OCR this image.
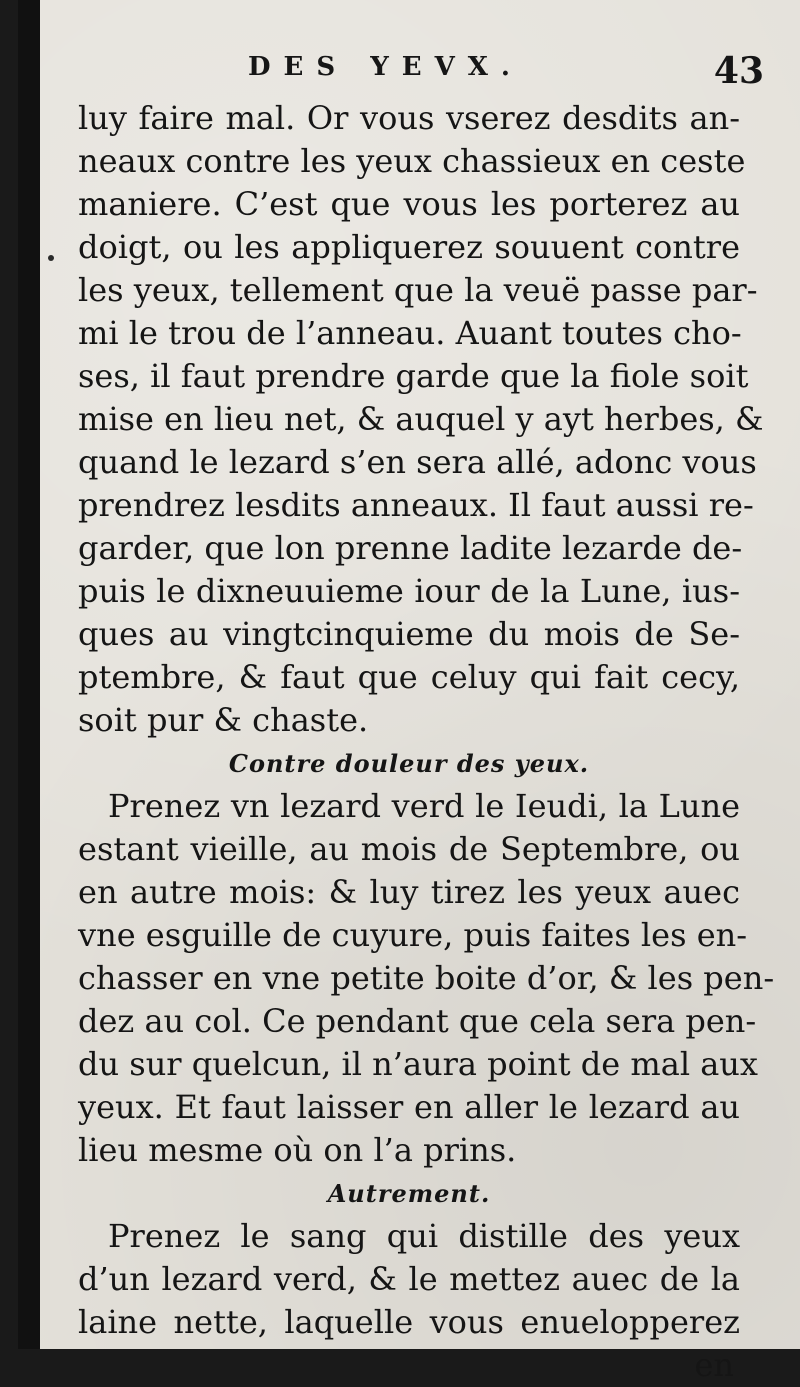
DES YEVX.	43
luy faire mal. Or vous vserez desdits an-
neaux contre les yeux chassieux en ceste
maniere. C’est que vous les porterez au
doigt, ou les appliquerez souuent contre
les yeux, tellement que la veuë passe par-
mi le trou de l’anneau. Auant toutes cho-
ses, il faut prendre garde que la fiole soit
mise en lieu net, & auquel y ayt herbes, &
quand le lezard s’en sera allé, adonc vous
prendrez lesdits anneaux. Il faut aussi re-
garder, que lon prenne ladite lezarde de-
puis le dixneuuieme iour de la Lune, ius-
ques au vingtcinquieme du mois de Se-
ptembre, & faut que celuy qui fait cecy,
soit pur & chaste.
Contre douleur des yeux.
Prenez vn lezard verd le Ieudi, la Lune
estant vieille, au mois de Septembre, ou
en autre mois: & luy tirez les yeux auec
vne esguille de cuyure, puis faites les en-
chasser en vne petite boite d’or, & les pen-
dez au col. Ce pendant que cela sera pen-
du sur quelcun, il n’aura point de mal aux
yeux. Et faut laisser en aller le lezard au
lieu mesme où on l’a prins.
Autrement.
Prenez le sang qui distille des yeux
d’un lezard verd, & le mettez auec de la
laine nette, laquelle vous enuelopperez
en
